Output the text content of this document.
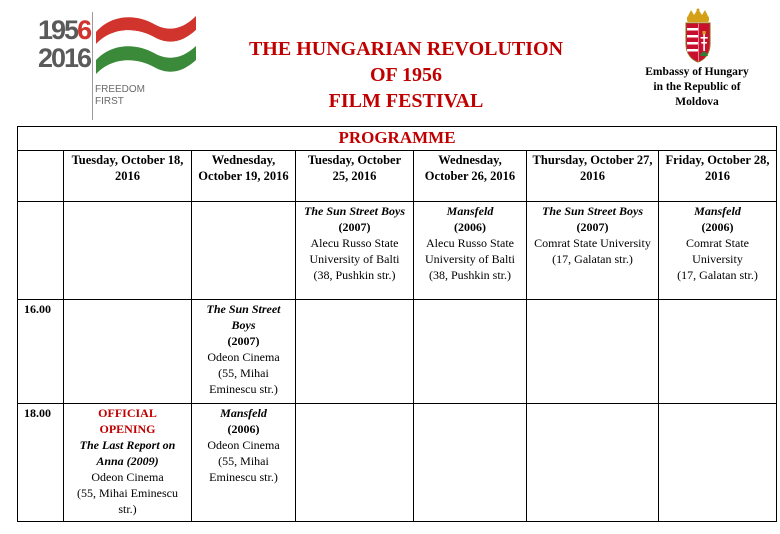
1956
2016
FREEDOM
FIRST
THE HUNGARIAN REVOLUTION
OF 1956
FILM FESTIVAL
Embassy of Hungary
in the Republic of
Moldova
PROGRAMME						
	Tuesday, October 18, 2016	Wednesday, October 19, 2016	Tuesday, October 25, 2016	Wednesday, October 26, 2016	Thursday, October 27, 2016	Friday, October 28, 2016

			The Sun Street Boys
(2007)
Alecu Russo State University of Balti
(38, Pushkin str.)	Mansfeld
(2006)
Alecu Russo State University of Balti
(38, Pushkin str.)	The Sun Street Boys
(2007)
Comrat State University
(17, Galatan str.)	Mansfeld
(2006)
Comrat State University
(17, Galatan str.)

16.00		The Sun Street Boys
(2007)
Odeon Cinema
(55, Mihai Eminescu str.)				

18.00	OFFICIAL
OPENING
The Last Report on Anna (2009)
Odeon Cinema
(55, Mihai Eminescu str.)	Mansfeld
(2006)
Odeon Cinema
(55, Mihai Eminescu str.)				
